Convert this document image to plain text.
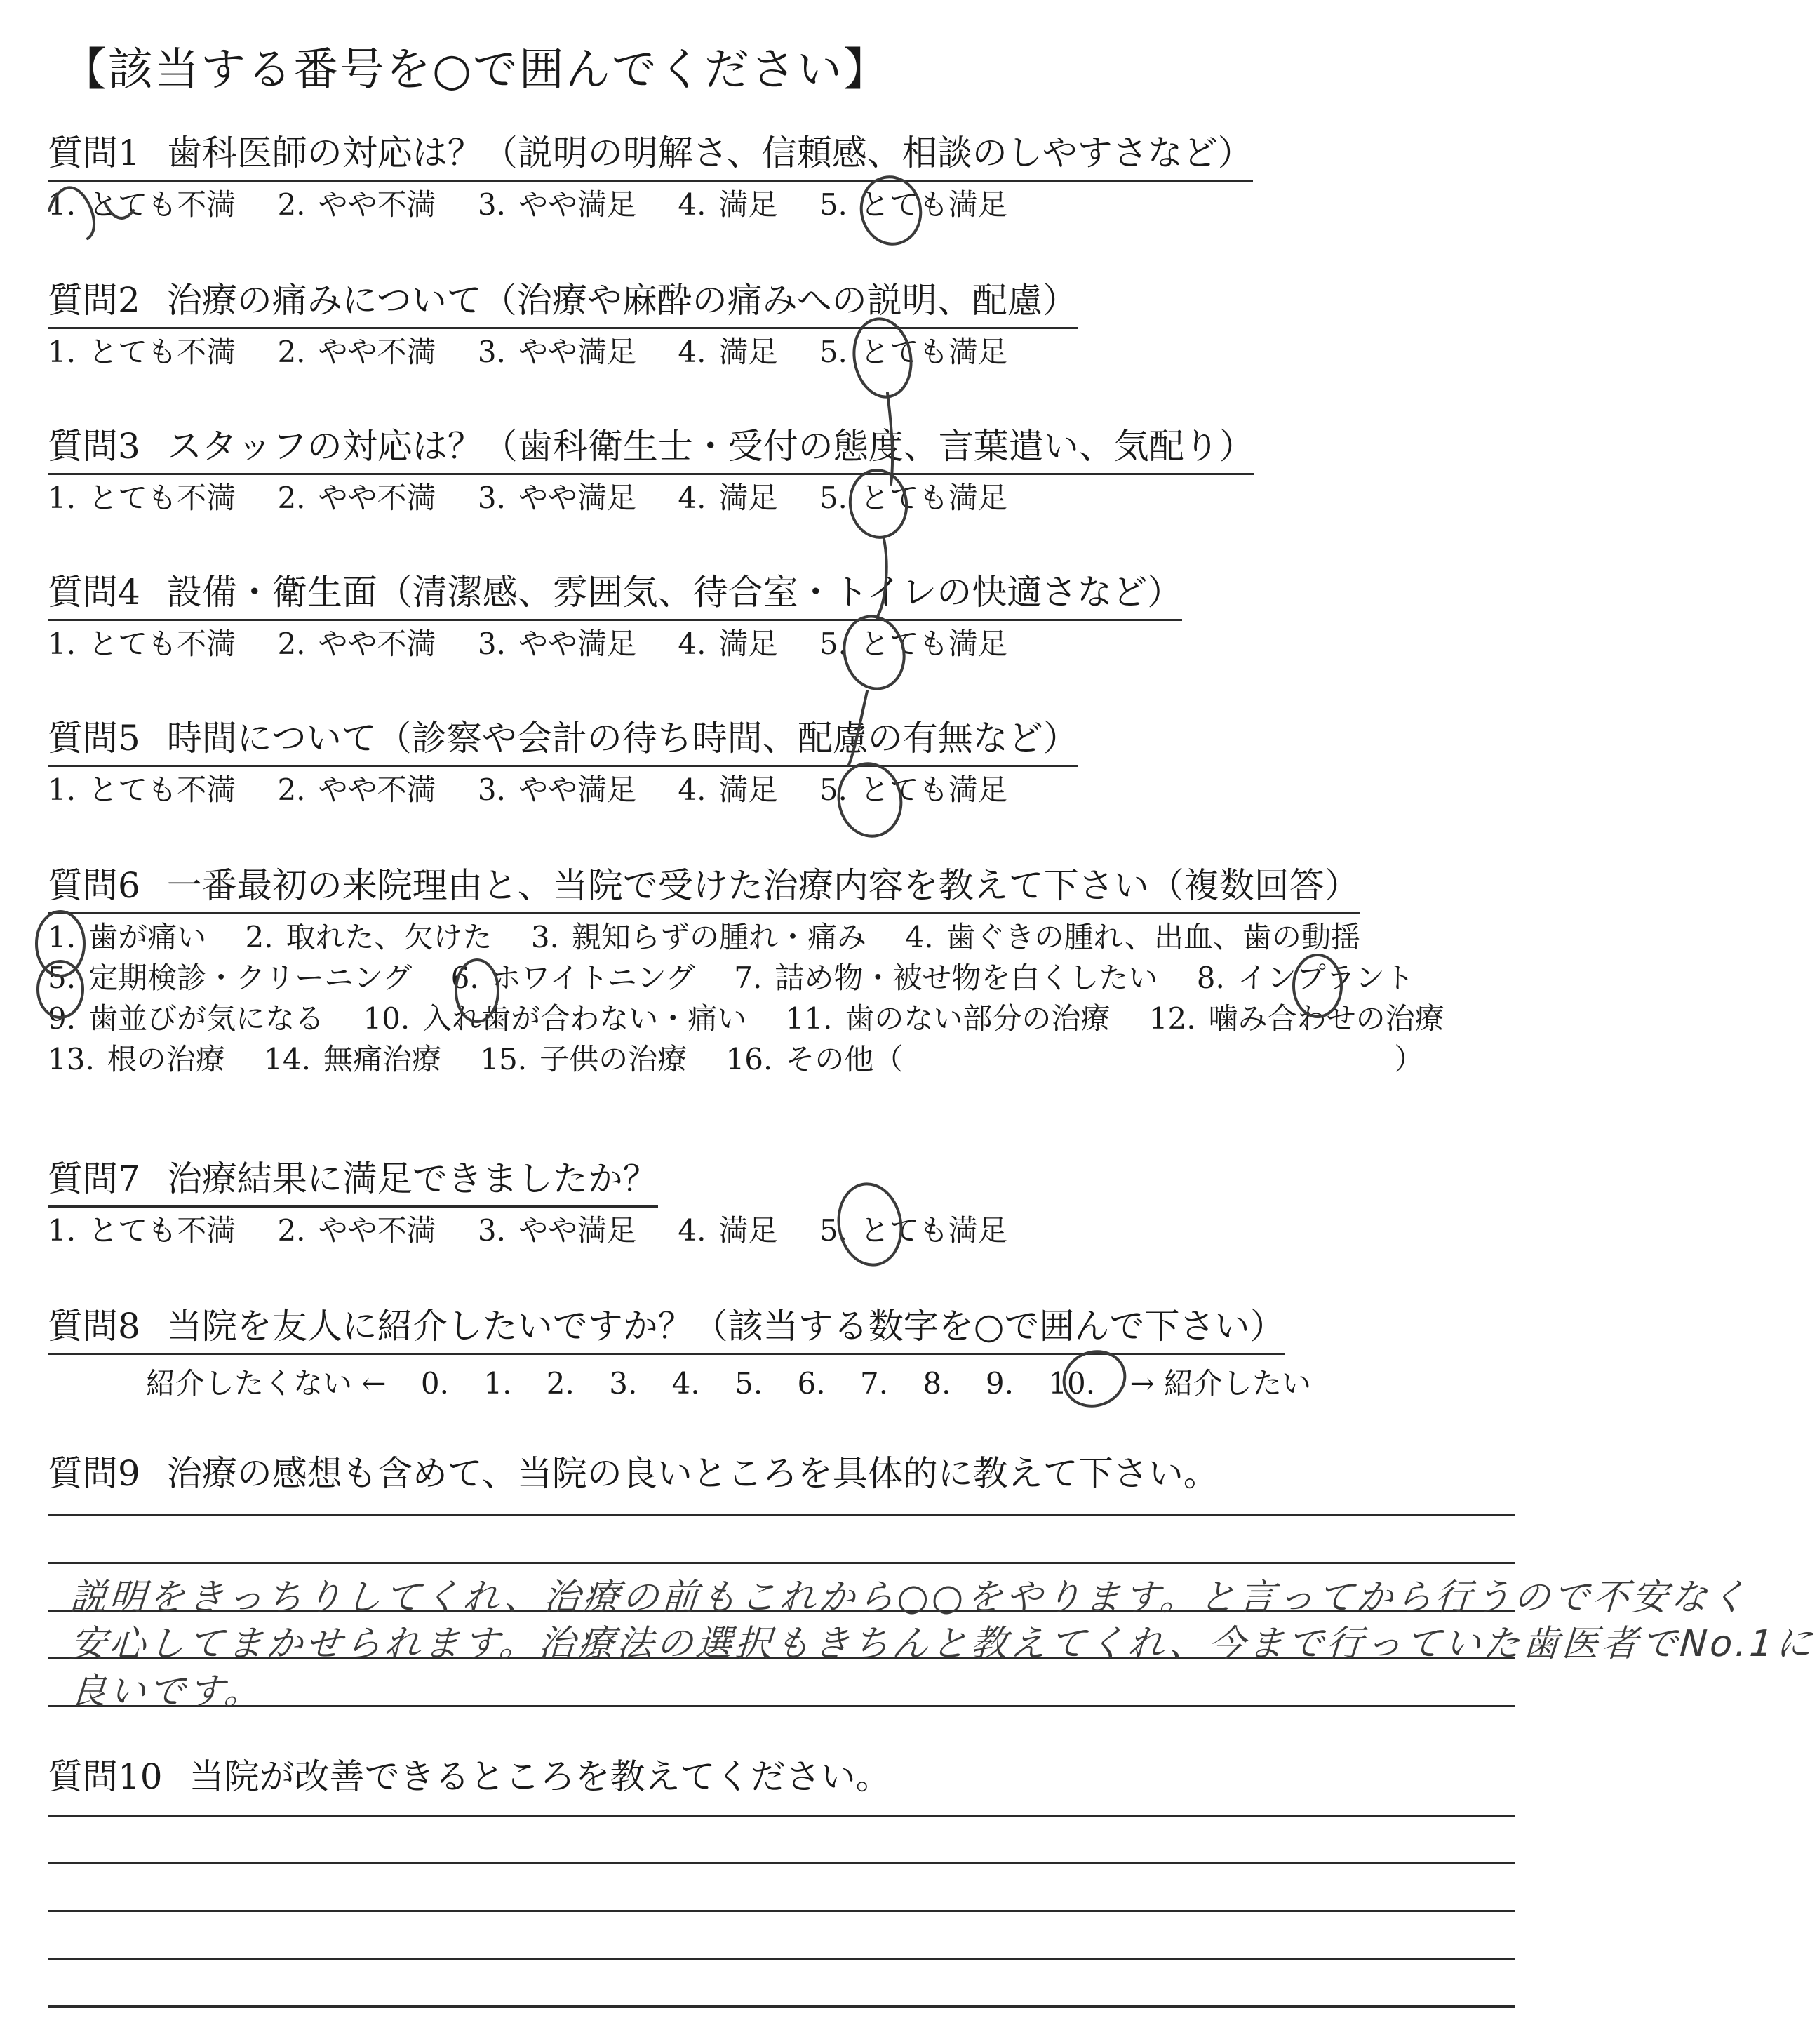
【該当する番号を○で囲んでください】
質問1 歯科医師の対応は？（説明の明解さ、信頼感、相談のしやすさなど）
1. とても不満 2. やや不満 3. やや満足 4. 満足 5. とても満足
質問2 治療の痛みについて（治療や麻酔の痛みへの説明、配慮）
1. とても不満 2. やや不満 3. やや満足 4. 満足 5. とても満足
質問3 スタッフの対応は？（歯科衛生士・受付の態度、言葉遣い、気配り）
1. とても不満 2. やや不満 3. やや満足 4. 満足 5. とても満足
質問4 設備・衛生面（清潔感、雰囲気、待合室・トイレの快適さなど）
1. とても不満 2. やや不満 3. やや満足 4. 満足 5. とても満足
質問5 時間について（診察や会計の待ち時間、配慮の有無など）
1. とても不満 2. やや不満 3. やや満足 4. 満足 5. とても満足
質問6 一番最初の来院理由と、当院で受けた治療内容を教えて下さい（複数回答）
1. 歯が痛い 2. 取れた、欠けた 3. 親知らずの腫れ・痛み 4. 歯ぐきの腫れ、出血、歯の動揺
5. 定期検診・クリーニング 6. ホワイトニング 7. 詰め物・被せ物を白くしたい 8. インプラント
9. 歯並びが気になる 10. 入れ歯が合わない・痛い 11. 歯のない部分の治療 12. 噛み合わせの治療
13. 根の治療 14. 無痛治療 15. 子供の治療 16. その他（	）
質問7 治療結果に満足できましたか？
1. とても不満 2. やや不満 3. やや満足 4. 満足 5. とても満足
質問8 当院を友人に紹介したいですか？（該当する数字を○で囲んで下さい）
紹介したくない ← 0. 1. 2. 3. 4. 5. 6. 7. 8. 9. 10. → 紹介したい
質問9 治療の感想も含めて、当院の良いところを具体的に教えて下さい。
説明をきっちりしてくれ、治療の前もこれから○○をやります。と言ってから行うので不安なく
安心してまかせられます。治療法の選択もきちんと教えてくれ、今まで行っていた歯医者でNo.1に
良いです。
質問10 当院が改善できるところを教えてください。
